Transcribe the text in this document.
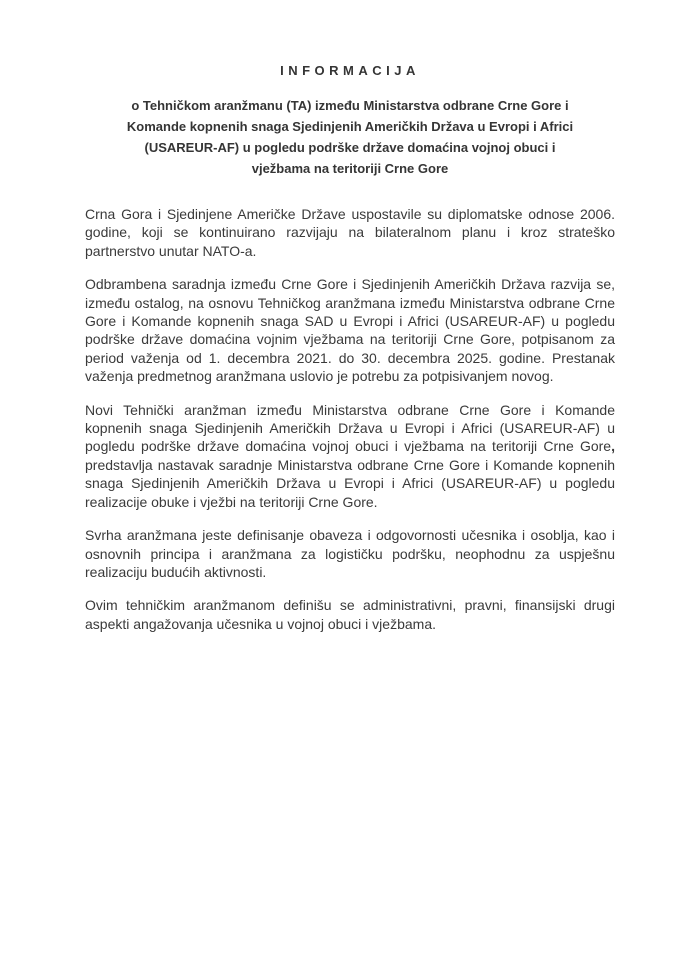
INFORMACIJA
o Tehničkom aranžmanu (TA) između Ministarstva odbrane Crne Gore i
Komande kopnenih snaga Sjedinjenih Američkih Država u Evropi i Africi
(USAREUR-AF) u pogledu podrške države domaćina vojnoj obuci i
vježbama na teritoriji Crne Gore

Crna Gora i Sjedinjene Američke Države uspostavile su diplomatske odnose 2006. godine, koji se kontinuirano razvijaju na bilateralnom planu i kroz strateško partnerstvo unutar NATO-a.

Odbrambena saradnja između Crne Gore i Sjedinjenih Američkih Država razvija se, između ostalog, na osnovu Tehničkog aranžmana između Ministarstva odbrane Crne Gore i Komande kopnenih snaga SAD u Evropi i Africi (USAREUR-AF) u pogledu podrške države domaćina vojnim vježbama na teritoriji Crne Gore, potpisanom za period važenja od 1. decembra 2021. do 30. decembra 2025. godine. Prestanak važenja predmetnog aranžmana uslovio je potrebu za potpisivanjem novog.

Novi Tehnički aranžman između Ministarstva odbrane Crne Gore i Komande kopnenih snaga Sjedinjenih Američkih Država u Evropi i Africi (USAREUR-AF) u pogledu podrške države domaćina vojnoj obuci i vježbama na teritoriji Crne Gore, predstavlja nastavak saradnje Ministarstva odbrane Crne Gore i Komande kopnenih snaga Sjedinjenih Američkih Država u Evropi i Africi (USAREUR-AF) u pogledu realizacije obuke i vježbi na teritoriji Crne Gore.

Svrha aranžmana jeste definisanje obaveza i odgovornosti učesnika i osoblja, kao i osnovnih principa i aranžmana za logističku podršku, neophodnu za uspješnu realizaciju budućih aktivnosti.

Ovim tehničkim aranžmanom definišu se administrativni, pravni, finansijski drugi aspekti angažovanja učesnika u vojnoj obuci i vježbama.
